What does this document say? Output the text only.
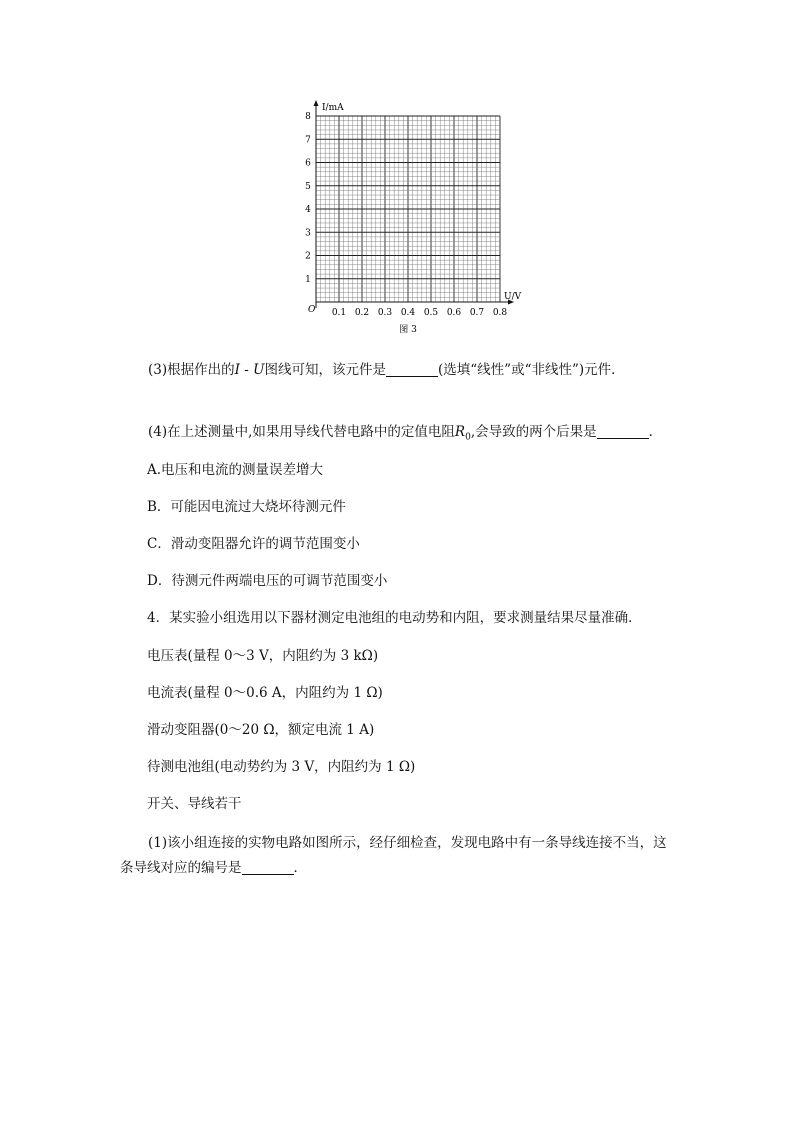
I/mA
U/V
O
1
2
3
4
5
6
7
8
0.1 0.2 0.3 0.4 0.5 0.6 0.7 0.8
图 3

(3)根据作出的I - U图线可知，该元件是	(选填“线性”或“非线性”)元件．

(4)在上述测量中,如果用导线代替电路中的定值电阻$R_0$,会导致的两个后果是	．

A.电压和电流的测量误差增大

B．可能因电流过大烧坏待测元件

C．滑动变阻器允许的调节范围变小

D．待测元件两端电压的可调节范围变小

4．某实验小组选用以下器材测定电池组的电动势和内阻，要求测量结果尽量准确．

电压表(量程 0～3 V，内阻约为 3 kΩ)

电流表(量程 0～0.6 A，内阻约为 1 Ω)

滑动变阻器(0～20 Ω，额定电流 1 A)

待测电池组(电动势约为 3 V，内阻约为 1 Ω)

开关、导线若干

(1)该小组连接的实物电路如图所示，经仔细检查，发现电路中有一条导线连接不当，这条导线对应的编号是	．
